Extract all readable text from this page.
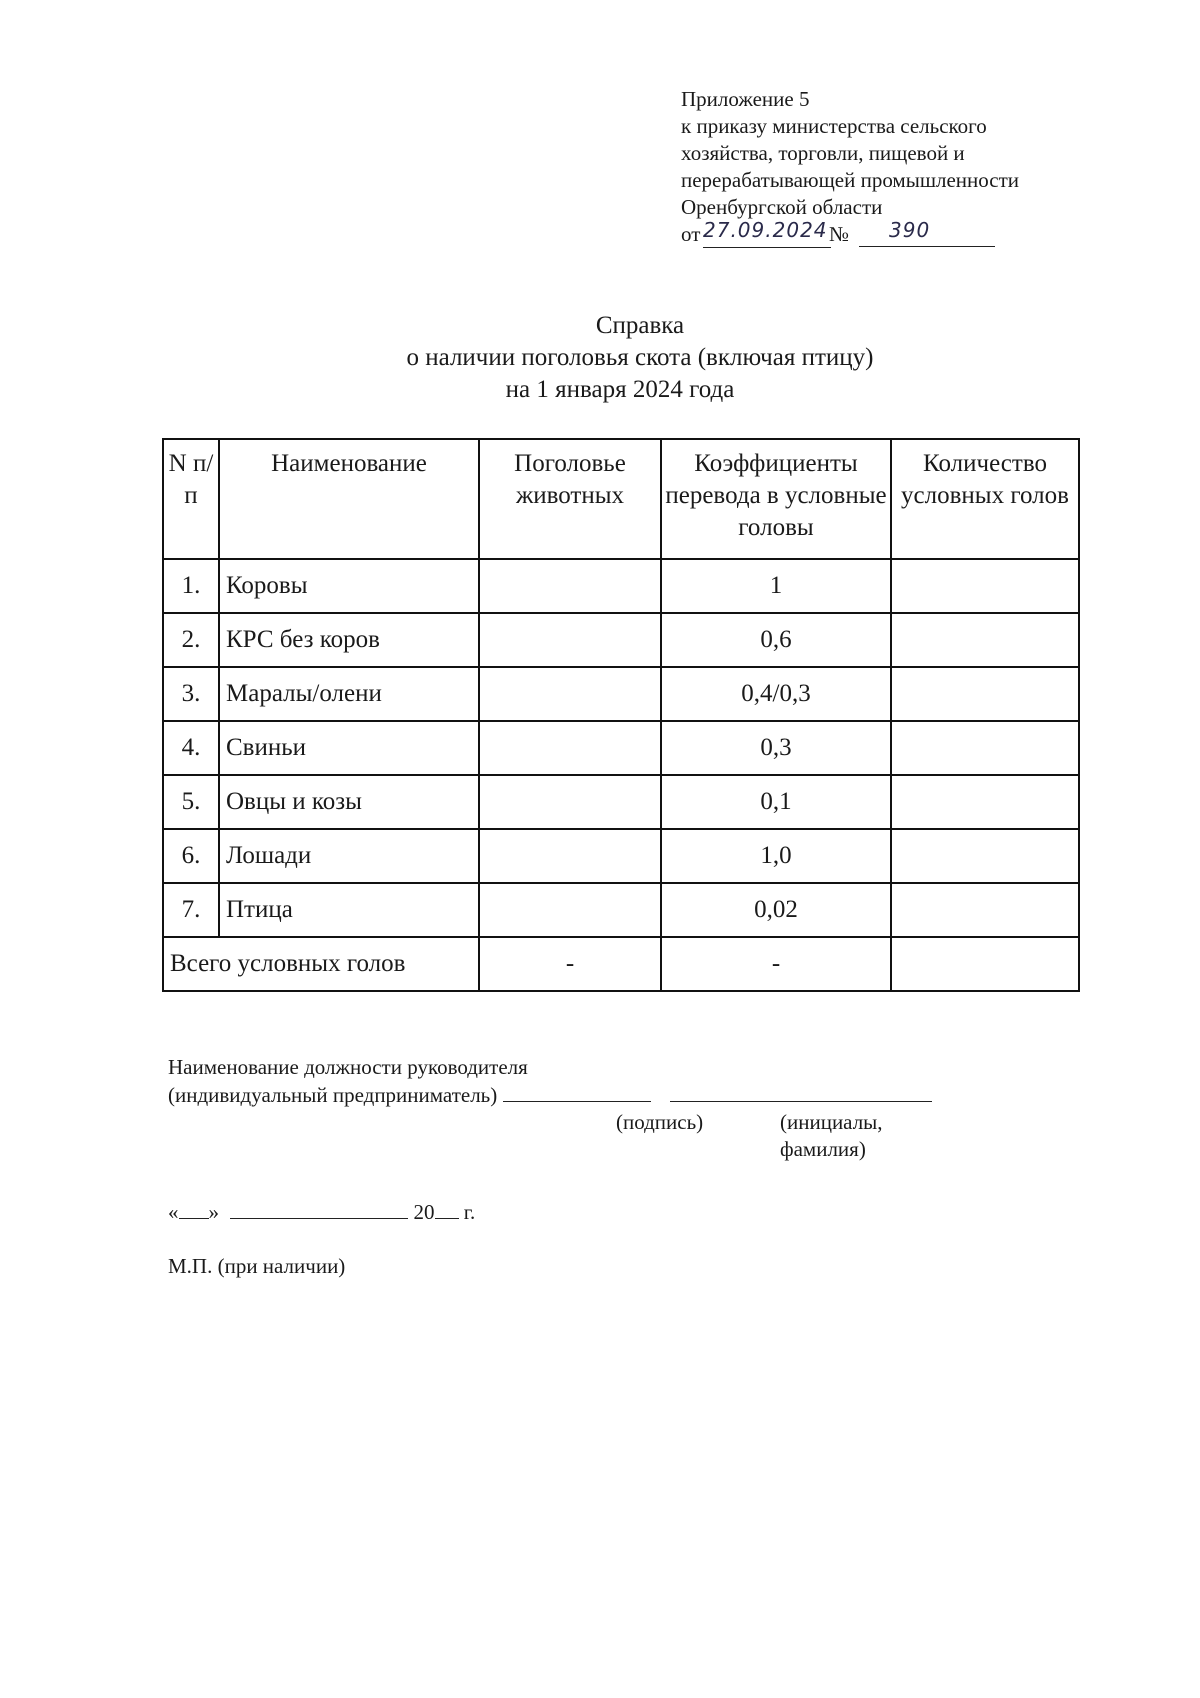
Приложение 5
к приказу министерства сельского
хозяйства, торговли, пищевой и
перерабатывающей промышленности
Оренбургской области
от 27.09.2024 №	390
Справка
о наличии поголовья скота (включая птицу)
на 1 января 2024 года
N п/п	Наименование	Поголовье животных	Коэффициенты перевода в условные головы	Количество условных голов
1.	Коровы		1	
2.	КРС без коров		0,6	
3.	Маралы/олени		0,4/0,3	
4.	Свиньи		0,3	
5.	Овцы и козы		0,1	
6.	Лошади		1,0	
7.	Птица		0,02	
Всего условных голов		-	-	
Наименование должности руководителя
(индивидуальный предприниматель)
(подпись)	(инициалы, фамилия)
« »	20 г.
М.П. (при наличии)
